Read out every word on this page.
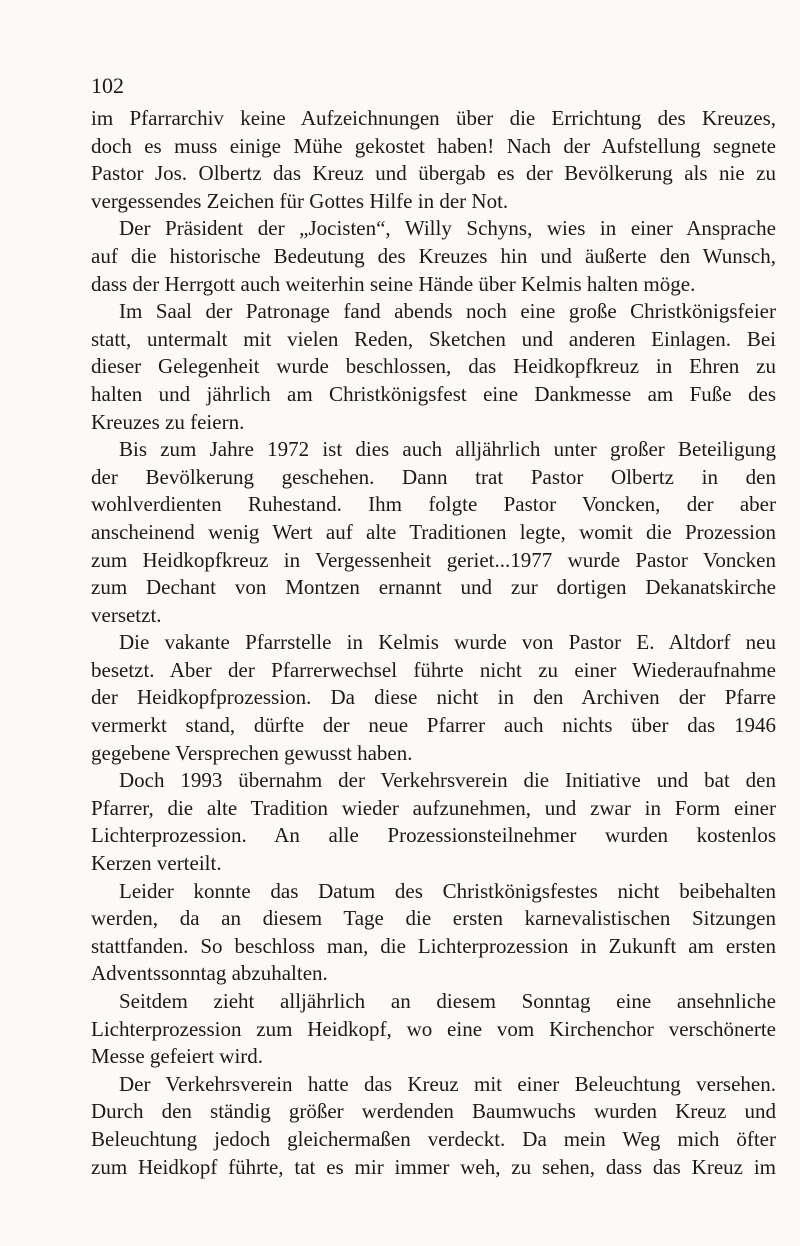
102

im Pfarrarchiv keine Aufzeichnungen über die Errichtung des Kreuzes,
doch es muss einige Mühe gekostet haben! Nach der Aufstellung segnete
Pastor Jos. Olbertz das Kreuz und übergab es der Bevölkerung als nie zu
vergessendes Zeichen für Gottes Hilfe in der Not.

Der Präsident der „Jocisten“, Willy Schyns, wies in einer Ansprache
auf die historische Bedeutung des Kreuzes hin und äußerte den Wunsch,
dass der Herrgott auch weiterhin seine Hände über Kelmis halten möge.

Im Saal der Patronage fand abends noch eine große Christkönigsfeier
statt, untermalt mit vielen Reden, Sketchen und anderen Einlagen. Bei
dieser Gelegenheit wurde beschlossen, das Heidkopfkreuz in Ehren zu
halten und jährlich am Christkönigsfest eine Dankmesse am Fuße des
Kreuzes zu feiern.

Bis zum Jahre 1972 ist dies auch alljährlich unter großer Beteiligung
der Bevölkerung geschehen. Dann trat Pastor Olbertz in den
wohlverdienten Ruhestand. Ihm folgte Pastor Voncken, der aber
anscheinend wenig Wert auf alte Traditionen legte, womit die Prozession
zum Heidkopfkreuz in Vergessenheit geriet...1977 wurde Pastor Voncken
zum Dechant von Montzen ernannt und zur dortigen Dekanatskirche
versetzt.

Die vakante Pfarrstelle in Kelmis wurde von Pastor E. Altdorf neu
besetzt. Aber der Pfarrerwechsel führte nicht zu einer Wiederaufnahme
der Heidkopfprozession. Da diese nicht in den Archiven der Pfarre
vermerkt stand, dürfte der neue Pfarrer auch nichts über das 1946
gegebene Versprechen gewusst haben.

Doch 1993 übernahm der Verkehrsverein die Initiative und bat den
Pfarrer, die alte Tradition wieder aufzunehmen, und zwar in Form einer
Lichterprozession. An alle Prozessionsteilnehmer wurden kostenlos
Kerzen verteilt.

Leider konnte das Datum des Christkönigsfestes nicht beibehalten
werden, da an diesem Tage die ersten karnevalistischen Sitzungen
stattfanden. So beschloss man, die Lichterprozession in Zukunft am ersten
Adventssonntag abzuhalten.

Seitdem zieht alljährlich an diesem Sonntag eine ansehnliche
Lichterprozession zum Heidkopf, wo eine vom Kirchenchor verschönerte
Messe gefeiert wird.

Der Verkehrsverein hatte das Kreuz mit einer Beleuchtung versehen.
Durch den ständig größer werdenden Baumwuchs wurden Kreuz und
Beleuchtung jedoch gleichermaßen verdeckt. Da mein Weg mich öfter
zum Heidkopf führte, tat es mir immer weh, zu sehen, dass das Kreuz im
